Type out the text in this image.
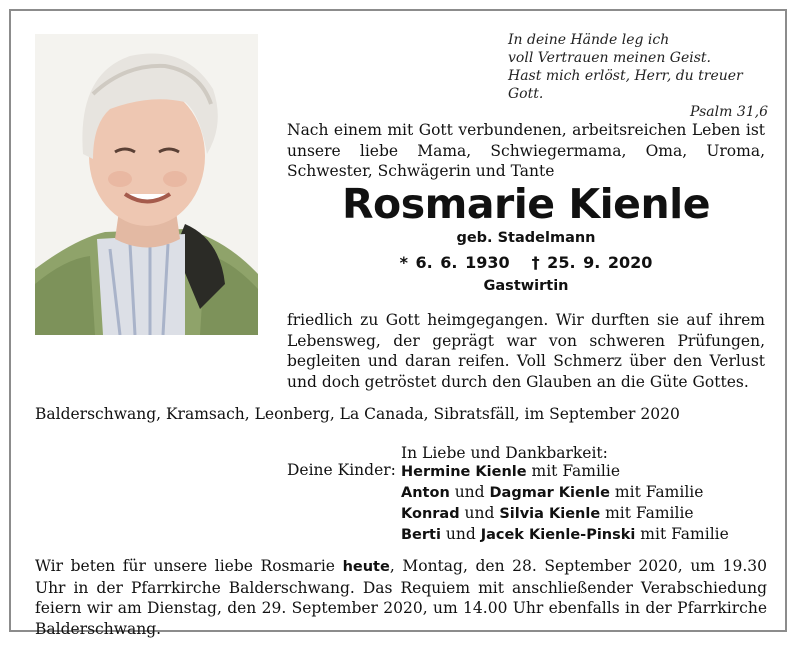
In deine Hände leg ich
voll Vertrauen meinen Geist.
Hast mich erlöst, Herr, du treuer Gott.
Psalm 31,6
Nach einem mit Gott verbundenen, arbeitsreichen Leben ist unsere liebe Mama, Schwiegermama, Oma, Uroma, Schwester, Schwägerin und Tante
Rosmarie Kienle
geb. Stadelmann
* 6. 6. 1930 † 25. 9. 2020
Gastwirtin
friedlich zu Gott heimgegangen. Wir durften sie auf ihrem Lebensweg, der geprägt war von schweren Prüfungen, begleiten und daran reifen. Voll Schmerz über den Verlust und doch getröstet durch den Glauben an die Güte Gottes.
Balderschwang, Kramsach, Leonberg, La Canada, Sibratsfäll, im September 2020
In Liebe und Dankbarkeit:
Deine Kinder: Hermine Kienle mit Familie
Anton und Dagmar Kienle mit Familie
Konrad und Silvia Kienle mit Familie
Berti und Jacek Kienle-Pinski mit Familie
Wir beten für unsere liebe Rosmarie heute, Montag, den 28. September 2020, um 19.30 Uhr in der Pfarrkirche Balderschwang. Das Requiem mit anschließender Verabschiedung feiern wir am Dienstag, den 29. September 2020, um 14.00 Uhr ebenfalls in der Pfarrkirche Balderschwang.
